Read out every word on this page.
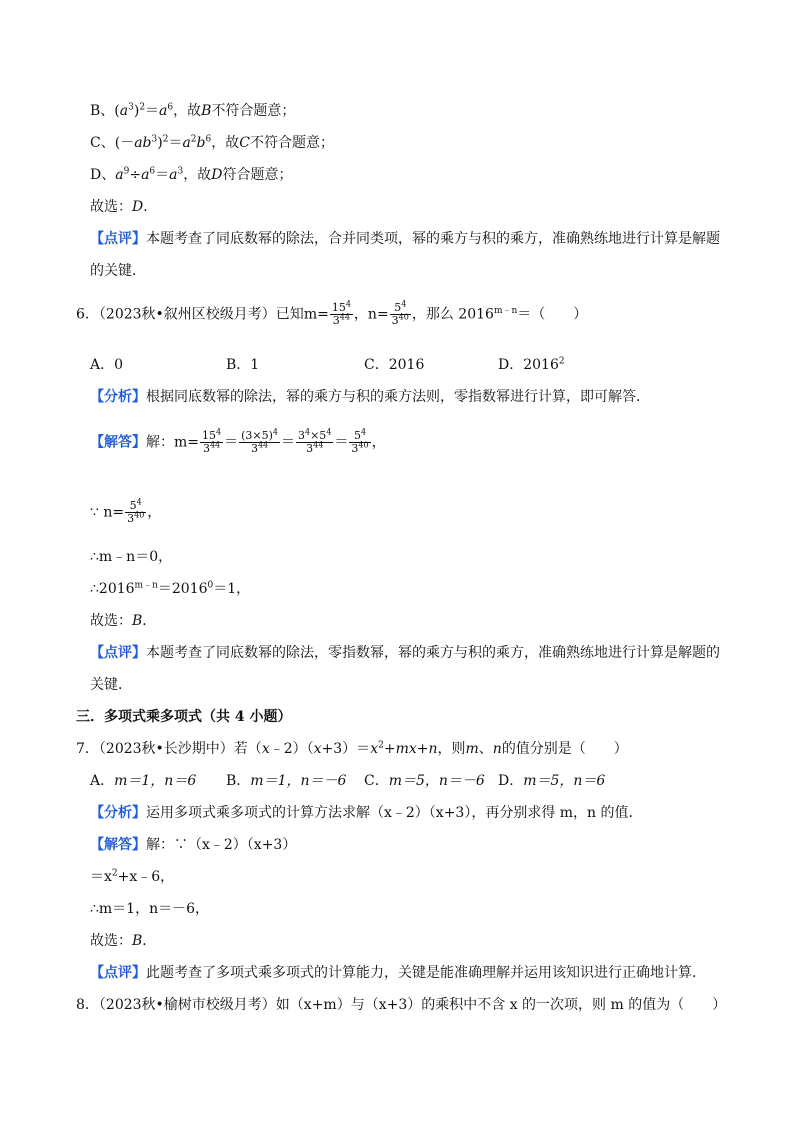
B、$(a^3)^2=a^6$，故B不符合题意；
C、$(-ab^3)^2=a^2b^6$，故C不符合题意；
D、$a^9\div a^6=a^3$，故D符合题意；
故选：D．
【点评】本题考查了同底数幂的除法，合并同类项，幂的乘方与积的乘方，准确熟练地进行计算是解题
的关键．
6．（2023秋•叙州区校级月考）已知$m= \frac{15^4}{3^{44}}$ ，$n= \frac{5^4}{3^{40}}$ ，那么 $2016^{m﹣n}=$（　　）
A．0	B．1	C．2016	D．2016$^2$
【分析】根据同底数幂的除法，幂的乘方与积的乘方法则，零指数幂进行计算，即可解答．
【解答】解：$m= \frac{15^4}{3^{44}} = \frac{(3\times 5)^4}{3^{44}} = \frac{3^4\times 5^4}{3^{44}} = \frac{5^4}{3^{40}}$ ，
∵ $n= \frac{5^4}{3^{40}}$ ，
∴m﹣n＝0，
$\therefore 2016^{m﹣n}=2016^0=1$，
故选：B．
【点评】本题考查了同底数幂的除法，零指数幂，幂的乘方与积的乘方，准确熟练地进行计算是解题的
关键．
三．多项式乘多项式（共 4 小题）
7．（2023秋•长沙期中）若$(x﹣2)(x+3)=x^2+mx+n$，则m、n的值分别是（　　）
A．m＝1，n＝6 B．m＝1，n＝－6 C．m＝5，n＝－6 D．m＝5，n＝6
【分析】运用多项式乘多项式的计算方法求解（x﹣2）（x+3），再分别求得 m，n 的值．
【解答】解：∵（x﹣2）（x+3）
$=x^2+x﹣6$，
∴m＝1，n＝－6，
故选：B．
【点评】此题考查了多项式乘多项式的计算能力，关键是能准确理解并运用该知识进行正确地计算．
8．（2023秋•榆树市校级月考）如（x+m）与（x+3）的乘积中不含 x 的一次项，则 m 的值为（　　）
